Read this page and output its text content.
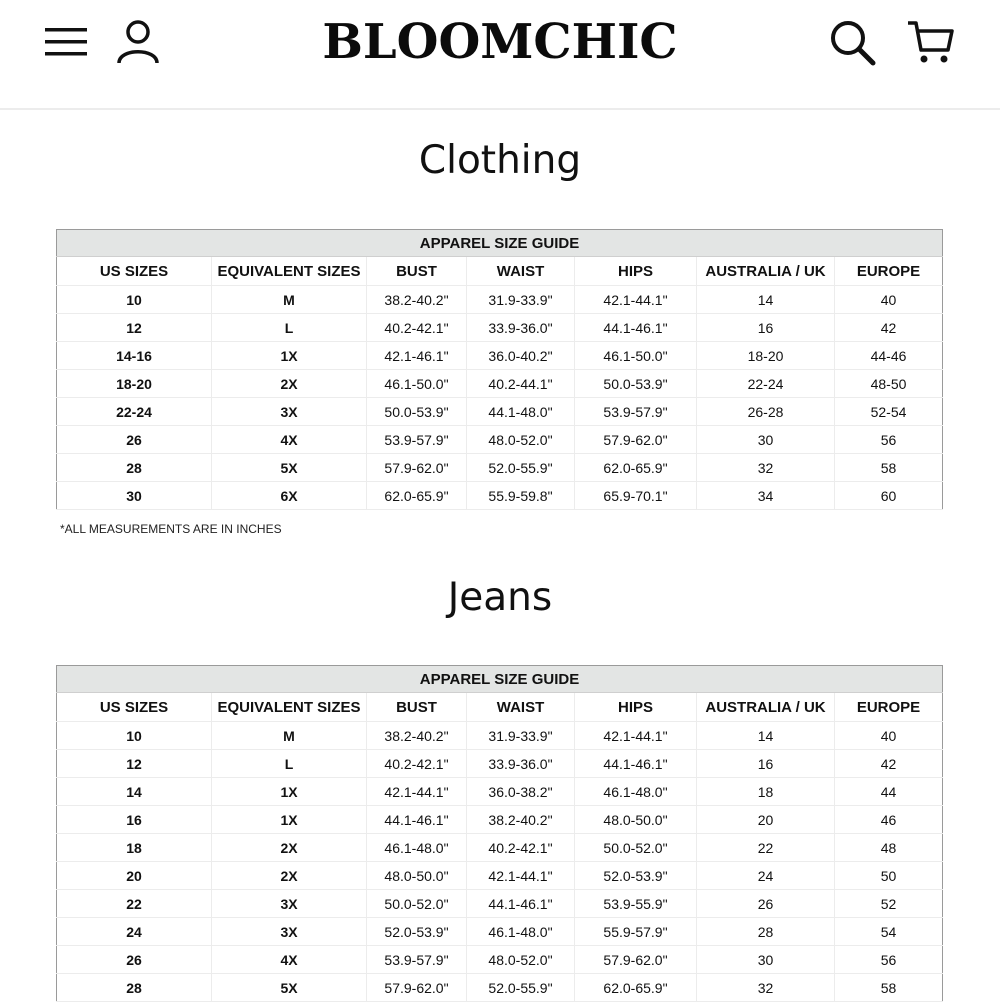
BLOOMCHIC
Clothing
APPAREL SIZE GUIDE						
US SIZES	EQUIVALENT SIZES	BUST	WAIST	HIPS	AUSTRALIA / UK	EUROPE
10	M	38.2-40.2"	31.9-33.9"	42.1-44.1"	14	40
12	L	40.2-42.1"	33.9-36.0"	44.1-46.1"	16	42
14-16	1X	42.1-46.1"	36.0-40.2"	46.1-50.0"	18-20	44-46
18-20	2X	46.1-50.0"	40.2-44.1"	50.0-53.9"	22-24	48-50
22-24	3X	50.0-53.9"	44.1-48.0"	53.9-57.9"	26-28	52-54
26	4X	53.9-57.9"	48.0-52.0"	57.9-62.0"	30	56
28	5X	57.9-62.0"	52.0-55.9"	62.0-65.9"	32	58
30	6X	62.0-65.9"	55.9-59.8"	65.9-70.1"	34	60
*ALL MEASUREMENTS ARE IN INCHES
Jeans
APPAREL SIZE GUIDE						
US SIZES	EQUIVALENT SIZES	BUST	WAIST	HIPS	AUSTRALIA / UK	EUROPE
10	M	38.2-40.2"	31.9-33.9"	42.1-44.1"	14	40
12	L	40.2-42.1"	33.9-36.0"	44.1-46.1"	16	42
14	1X	42.1-44.1"	36.0-38.2"	46.1-48.0"	18	44
16	1X	44.1-46.1"	38.2-40.2"	48.0-50.0"	20	46
18	2X	46.1-48.0"	40.2-42.1"	50.0-52.0"	22	48
20	2X	48.0-50.0"	42.1-44.1"	52.0-53.9"	24	50
22	3X	50.0-52.0"	44.1-46.1"	53.9-55.9"	26	52
24	3X	52.0-53.9"	46.1-48.0"	55.9-57.9"	28	54
26	4X	53.9-57.9"	48.0-52.0"	57.9-62.0"	30	56
28	5X	57.9-62.0"	52.0-55.9"	62.0-65.9"	32	58
